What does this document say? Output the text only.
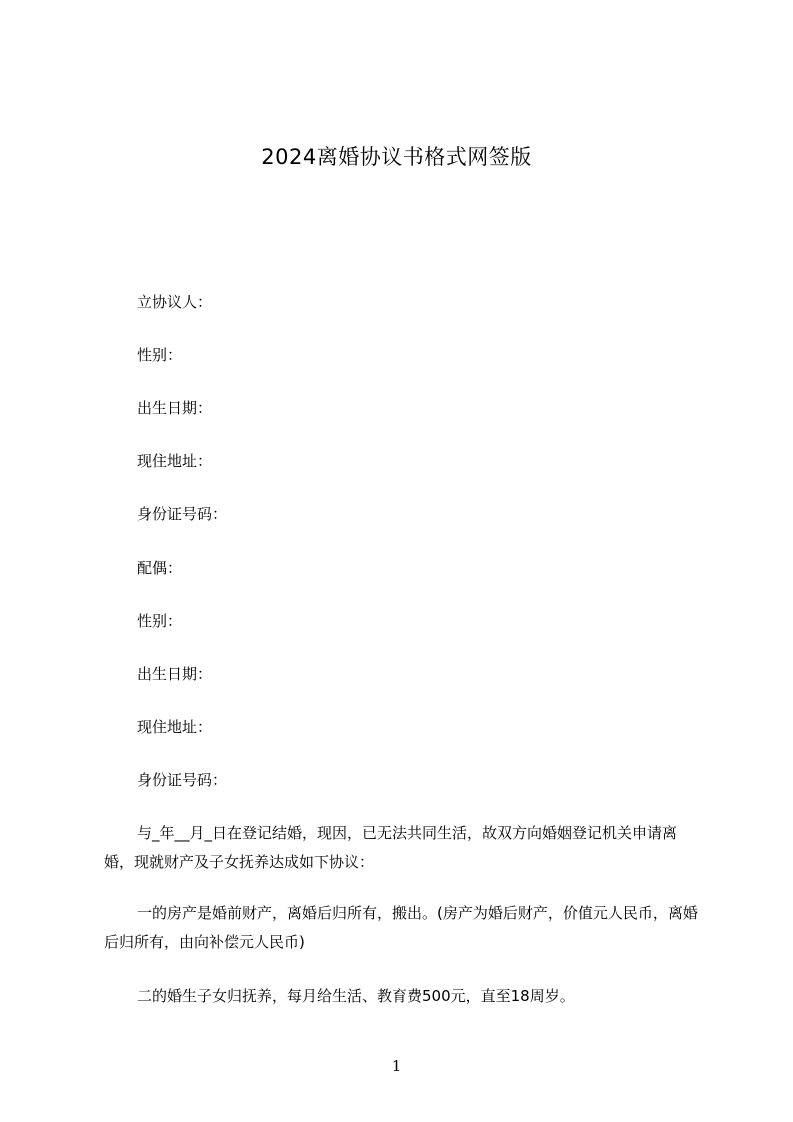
2024离婚协议书格式网签版
立协议人：
性别：
出生日期：
现住地址：
身份证号码：
配偶：
性别：
出生日期：
现住地址：
身份证号码：

与_年__月_日在登记结婚，现因，已无法共同生活，故双方向婚姻登记机关申请离婚，现就财产及子女抚养达成如下协议：

一的房产是婚前财产，离婚后归所有，搬出。(房产为婚后财产，价值元人民币，离婚后归所有，由向补偿元人民币)

二的婚生子女归抚养，每月给生活、教育费500元，直至18周岁。
1
